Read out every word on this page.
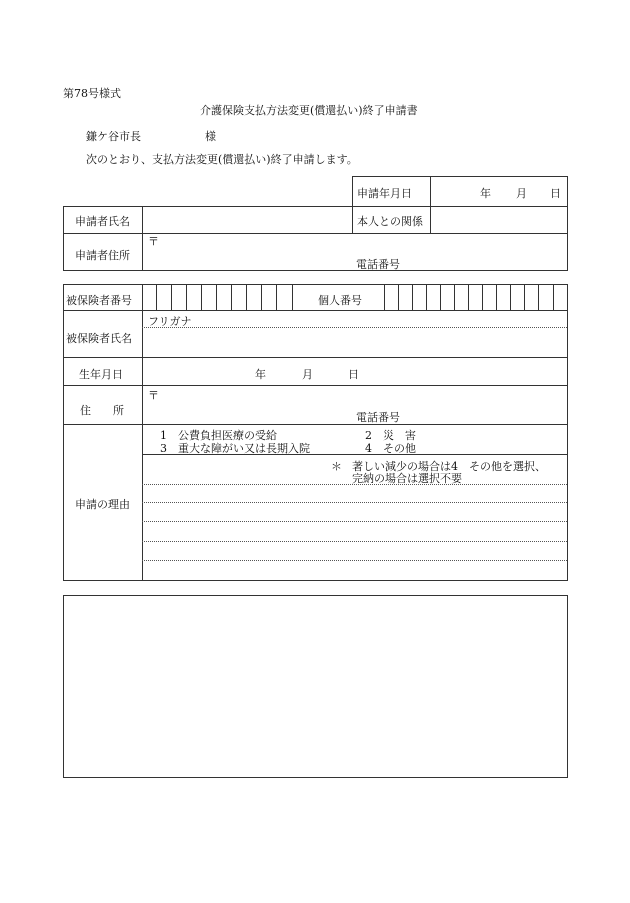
第78号様式
介護保険支払方法変更(償還払い)終了申請書
鎌ケ谷市長	様
次のとおり、支払方法変更(償還払い)終了申請します。
申請年月日	年 月 日
申請者氏名	本人との関係
申請者住所
〒
電話番号
被保険者番号	個人番号
フリガナ
被保険者氏名
生年月日	年	月	日
住　　所
〒
電話番号
1　公費負担医療の受給	2　災　害
3　重大な障がい又は長期入院	4　その他
＊ 著しい減少の場合は4　その他を選択、
完納の場合は選択不要
申請の理由
